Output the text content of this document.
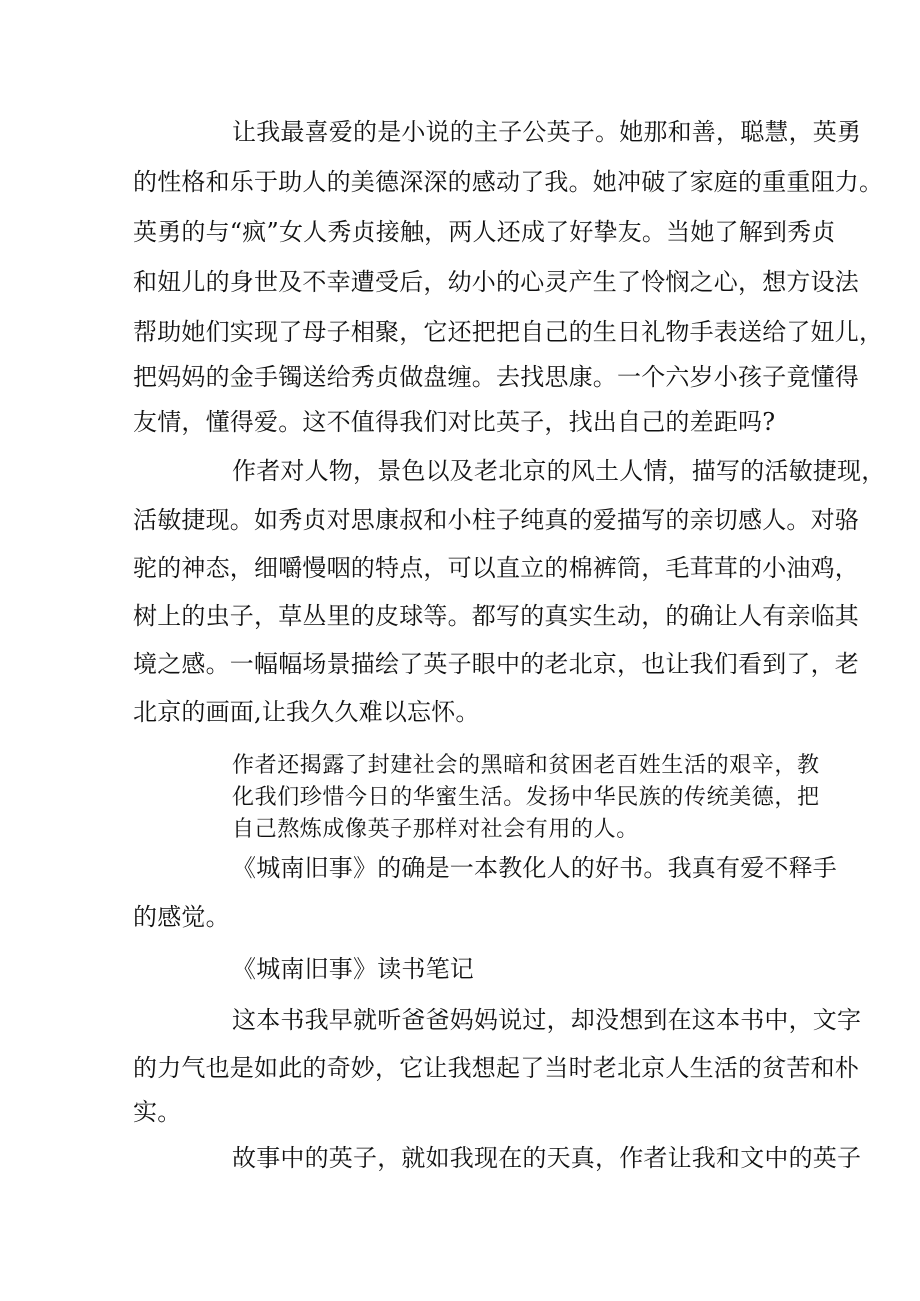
让我最喜爱的是小说的主子公英子。她那和善，聪慧，英勇
的性格和乐于助人的美德深深的感动了我。她冲破了家庭的重重阻力。
英勇的与“疯”女人秀贞接触，两人还成了好挚友。当她了解到秀贞
和妞儿的身世及不幸遭受后，幼小的心灵产生了怜悯之心，想方设法
帮助她们实现了母子相聚，它还把把自己的生日礼物手表送给了妞儿，
把妈妈的金手镯送给秀贞做盘缠。去找思康。一个六岁小孩子竟懂得
友情，懂得爱。这不值得我们对比英子，找出自己的差距吗?
作者对人物，景色以及老北京的风土人情，描写的活敏捷现，
活敏捷现。如秀贞对思康叔和小柱子纯真的爱描写的亲切感人。对骆
驼的神态，细嚼慢咽的特点，可以直立的棉裤筒，毛茸茸的小油鸡，
树上的虫子，草丛里的皮球等。都写的真实生动，的确让人有亲临其
境之感。一幅幅场景描绘了英子眼中的老北京，也让我们看到了，老
北京的画面,让我久久难以忘怀。
作者还揭露了封建社会的黑暗和贫困老百姓生活的艰辛，教
化我们珍惜今日的华蜜生活。发扬中华民族的传统美德，把
自己熬炼成像英子那样对社会有用的人。
《城南旧事》的确是一本教化人的好书。我真有爱不释手
的感觉。
《城南旧事》读书笔记
这本书我早就听爸爸妈妈说过，却没想到在这本书中，文字
的力气也是如此的奇妙，它让我想起了当时老北京人生活的贫苦和朴
实。
故事中的英子，就如我现在的天真，作者让我和文中的英子
